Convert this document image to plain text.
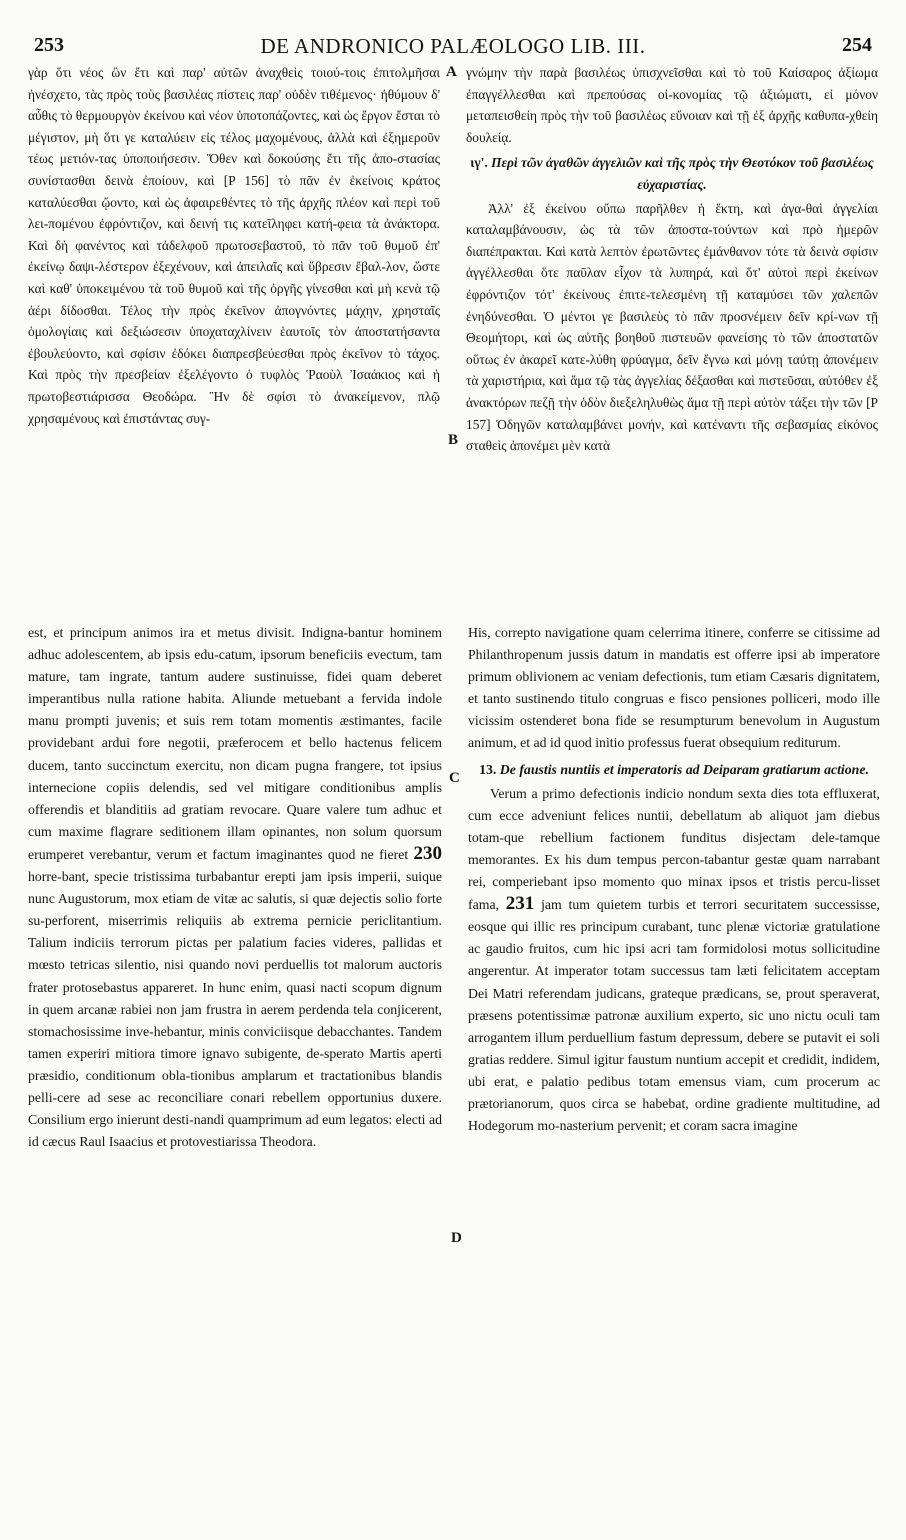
253	DE ANDRONICO PALÆOLOGO LIB. III.	254
A
B
C
D

γὰρ ὅτι νέος ὢν ἔτι καὶ παρ' αὐτῶν ἀναχθεὶς τοιού-τοις ἐπιτολμῆσαι ἠνέσχετο, τὰς πρὸς τοὺς βασιλέας πίστεις παρ' οὐδὲν τιθέμενος· ἠθύμουν δ' αὖθις τὸ θερμουργὸν ἐκείνου καὶ νέον ὑποτοπάζοντες, καὶ ὡς ἔργον ἔσται τὸ μέγιστον, μὴ ὅτι γε καταλύειν εἰς τέλος μαχομένους, ἀλλὰ καὶ ἐξημεροῦν τέως μετιόν-τας ὑποποιήσεσιν. Ὅθεν καὶ δοκούσης ἔτι τῆς ἀπο-στασίας συνίστασθαι δεινὰ ἐποίουν, καὶ [P 156] τὸ πᾶν ἐν ἐκείνοις κράτος καταλύεσθαι ᾤοντο, καὶ ὡς ἀφαιρεθέντες τὸ τῆς ἀρχῆς πλέον καὶ περὶ τοῦ λει-πομένου ἐφρόντιζον, καὶ δεινή τις κατεῖληφει κατή-φεια τὰ ἀνάκτορα. Καὶ δὴ φανέντος καὶ τἀδελφοῦ πρωτοσεβαστοῦ, τὸ πᾶν τοῦ θυμοῦ ἐπ' ἐκείνῳ δαψι-λέστερον ἐξεχένουν, καὶ ἀπειλαῖς καὶ ὕβρεσιν ἔβαλ-λον, ὥστε καὶ καθ' ὑποκειμένου τὰ τοῦ θυμοῦ καὶ τῆς ὀργῆς γίνεσθαι καὶ μὴ κενὰ τῷ ἀέρι δίδοσθαι. Τέλος τὴν πρὸς ἐκεῖνον ἀπογνόντες μάχην, χρησταῖς ὁμολογίαις καὶ δεξιώσεσιν ὑποχαταχλίνειν ἑαυτοῖς τὸν ἀποστατήσαντα ἐβουλεύοντο, καὶ σφίσιν ἐδόκει διαπρεσβεύεσθαι πρὸς ἐκεῖνον τὸ τάχος. Καὶ πρὸς τὴν πρεσβείαν ἐξελέγοντο ὁ τυφλὸς Ῥαοὺλ Ἰσαάκιος καὶ ἡ πρωτοβεστιάρισσα Θεοδώρα. Ἣν δὲ σφίσι τὸ ἀνακείμενον, πλῷ χρησαμένους καὶ ἐπιστάντας συγ-

γνώμην τὴν παρὰ βασιλέως ὑπισχνεῖσθαι καὶ τὸ τοῦ Καίσαρος ἀξίωμα ἐπαγγέλλεσθαι καὶ πρεπούσας οἰ-κονομίας τῷ ἀξιώματι, εἰ μόνον μεταπεισθείη πρὸς τὴν τοῦ βασιλέως εὔνοιαν καὶ τῇ ἐξ ἀρχῆς καθυπα-χθείη δουλείᾳ.

ιγ'. Περὶ τῶν ἀγαθῶν ἀγγελιῶν καὶ τῆς πρὸς τὴν Θεοτόκον τοῦ βασιλέως εὐχαριστίας.

Ἀλλ' ἐξ ἐκείνου οὔπω παρῆλθεν ἡ ἕκτη, καὶ ἀγα-θαὶ ἀγγελίαι καταλαμβάνουσιν, ὡς τὰ τῶν ἀποστα-τούντων καὶ πρὸ ἡμερῶν διαπέπρακται. Καὶ κατὰ λεπτὸν ἐρωτῶντες ἐμάνθανον τότε τὰ δεινὰ σφίσιν ἀγγέλλεσθαι ὅτε παῦλαν εἶχον τὰ λυπηρά, καὶ ὅτ' αὐτοὶ περὶ ἐκείνων ἐφρόντιζον τότ' ἐκείνους ἐπιτε-τελεσμένη τῇ καταμύσει τῶν χαλεπῶν ἐνηδύνεσθαι. Ὁ μέντοι γε βασιλεὺς τὸ πᾶν προσνέμειν δεῖν κρί-νων τῇ Θεομήτορι, καὶ ὡς αὐτῆς βοηθοῦ πιστευῶν φανείσης τὸ τῶν ἀποστατῶν οὕτως ἐν ἀκαρεῖ κατε-λύθη φρύαγμα, δεῖν ἔγνω καὶ μόνῃ ταύτῃ ἀπονέμειν τὰ χαριστήρια, καὶ ἅμα τῷ τὰς ἀγγελίας δέξασθαι καὶ πιστεῦσαι, αὐτόθεν ἐξ ἀνακτόρων πεζῇ τὴν ὁδὸν διεξεληλυθὼς ἅμα τῇ περὶ αὐτὸν τάξει τὴν τῶν [P 157] Ὁδηγῶν καταλαμβάνει μονήν, καὶ κατέναντι τῆς σεβασμίας εἰκόνος σταθεὶς ἀπονέμει μὲν κατὰ

est, et principum animos ira et metus divisit. Indigna-bantur hominem adhuc adolescentem, ab ipsis edu-catum, ipsorum beneficiis evectum, tam mature, tam ingrate, tantum audere sustinuisse, fidei quam deberet imperantibus nulla ratione habita. Aliunde metuebant a fervida indole manu prompti juvenis; et suis rem totam momentis æstimantes, facile providebant ardui fore negotii, præferocem et bello hactenus felicem ducem, tanto succinctum exercitu, non dicam pugna frangere, tot ipsius internecione copiis delendis, sed vel mitigare conditionibus amplis offerendis et blanditiis ad gratiam revocare. Quare valere tum adhuc et cum maxime flagrare seditionem illam opinantes, non solum quorsum erumperet verebantur, verum et factum imaginantes quod ne fieret 230 horre-bant, specie tristissima turbabantur erepti jam ipsis imperii, suique nunc Augustorum, mox etiam de vitæ ac salutis, si quæ dejectis solio forte su-perforent, miserrimis reliquiis ab extrema pernicie periclitantium. Talium indiciis terrorum pictas per palatium facies videres, pallidas et mœsto tetricas silentio, nisi quando novi perduellis tot malorum auctoris frater protosebastus appareret. In hunc enim, quasi nacti scopum dignum in quem arcanæ rabiei non jam frustra in aerem perdenda tela conjicerent, stomachosissime inve-hebantur, minis conviciisque debacchantes. Tandem tamen experiri mitiora timore ignavo subigente, de-sperato Martis aperti præsidio, conditionum obla-tionibus amplarum et tractationibus blandis pelli-cere ad sese ac reconciliare conari rebellem opportunius duxere. Consilium ergo inierunt desti-nandi quamprimum ad eum legatos: electi ad id cæcus Raul Isaacius et protovestiarissa Theodora.

His, correpto navigatione quam celerrima itinere, conferre se citissime ad Philanthropenum jussis datum in mandatis est offerre ipsi ab imperatore primum oblivionem ac veniam defectionis, tum etiam Cæsaris dignitatem, et tanto sustinendo titulo congruas e fisco pensiones polliceri, modo ille vicissim ostenderet bona fide se resumpturum benevolum in Augustum animum, et ad id quod initio professus fuerat obsequium rediturum.

13. De faustis nuntiis et imperatoris ad Deiparam gratiarum actione.

Verum a primo defectionis indicio nondum sexta dies tota effluxerat, cum ecce adveniunt felices nuntii, debellatum ab aliquot jam diebus totam-que rebellium factionem funditus disjectam dele-tamque memorantes. Ex his dum tempus percon-tabantur gestæ quam narrabant rei, comperiebant ipso momento quo minax ipsos et tristis percu-lisset fama, 231 jam tum quietem turbis et terrori securitatem successisse, eosque qui illic res principum curabant, tunc plenæ victoriæ gratulatione ac gaudio fruitos, cum hic ipsi acri tam formidolosi motus sollicitudine angerentur. At imperator totam successus tam læti felicitatem acceptam Dei Matri referendam judicans, grateque prædicans, se, prout speraverat, præsens potentissimæ patronæ auxilium experto, sic uno nictu oculi tam arrogantem illum perduellium fastum depressum, debere se putavit ei soli gratias reddere. Simul igitur faustum nuntium accepit et credidit, indidem, ubi erat, e palatio pedibus totam emensus viam, cum procerum ac prætorianorum, quos circa se habebat, ordine gradiente multitudine, ad Hodegorum mo-nasterium pervenit; et coram sacra imagine
